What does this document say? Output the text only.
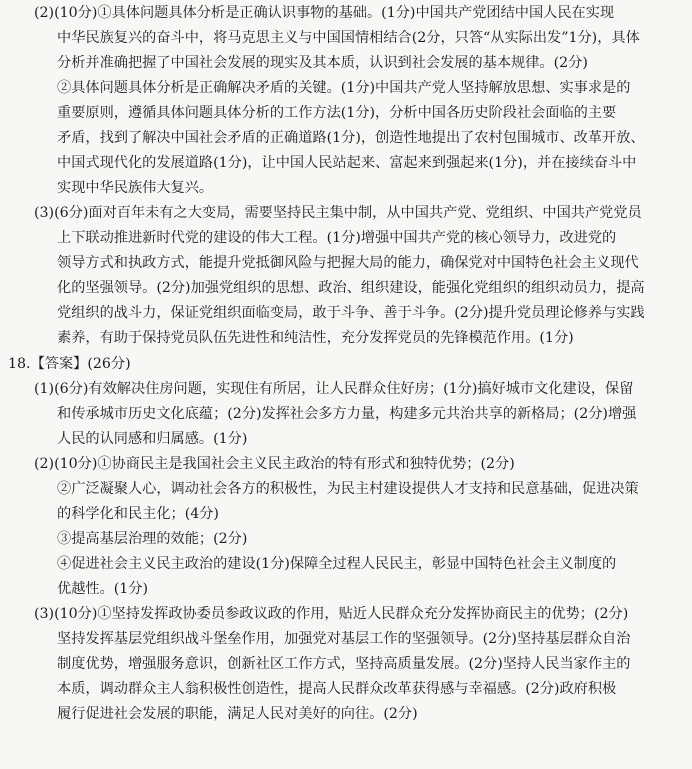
(2)(10分)①具体问题具体分析是正确认识事物的基础。(1分)中国共产党团结中国人民在实现
中华民族复兴的奋斗中，将马克思主义与中国国情相结合(2分，只答“从实际出发”1分)，具体
分析并准确把握了中国社会发展的现实及其本质，认识到社会发展的基本规律。(2分)
②具体问题具体分析是正确解决矛盾的关键。(1分)中国共产党人坚持解放思想、实事求是的
重要原则，遵循具体问题具体分析的工作方法(1分)，分析中国各历史阶段社会面临的主要
矛盾，找到了解决中国社会矛盾的正确道路(1分)，创造性地提出了农村包围城市、改革开放、
中国式现代化的发展道路(1分)，让中国人民站起来、富起来到强起来(1分)，并在接续奋斗中
实现中华民族伟大复兴。
(3)(6分)面对百年未有之大变局，需要坚持民主集中制，从中国共产党、党组织、中国共产党党员
上下联动推进新时代党的建设的伟大工程。(1分)增强中国共产党的核心领导力，改进党的
领导方式和执政方式，能提升党抵御风险与把握大局的能力，确保党对中国特色社会主义现代
化的坚强领导。(2分)加强党组织的思想、政治、组织建设，能强化党组织的组织动员力，提高
党组织的战斗力，保证党组织面临变局，敢于斗争、善于斗争。(2分)提升党员理论修养与实践
素养，有助于保持党员队伍先进性和纯洁性，充分发挥党员的先锋模范作用。(1分)
18.【答案】(26分)
(1)(6分)有效解决住房问题，实现住有所居，让人民群众住好房；(1分)搞好城市文化建设，保留
和传承城市历史文化底蕴；(2分)发挥社会多方力量，构建多元共治共享的新格局；(2分)增强
人民的认同感和归属感。(1分)
(2)(10分)①协商民主是我国社会主义民主政治的特有形式和独特优势；(2分)
②广泛凝聚人心，调动社会各方的积极性，为民主村建设提供人才支持和民意基础，促进决策
的科学化和民主化；(4分)
③提高基层治理的效能；(2分)
④促进社会主义民主政治的建设(1分)保障全过程人民民主，彰显中国特色社会主义制度的
优越性。(1分)
(3)(10分)①坚持发挥政协委员参政议政的作用，贴近人民群众充分发挥协商民主的优势；(2分)
坚持发挥基层党组织战斗堡垒作用，加强党对基层工作的坚强领导。(2分)坚持基层群众自治
制度优势，增强服务意识，创新社区工作方式，坚持高质量发展。(2分)坚持人民当家作主的
本质，调动群众主人翁积极性创造性，提高人民群众改革获得感与幸福感。(2分)政府积极
履行促进社会发展的职能，满足人民对美好的向往。(2分)
